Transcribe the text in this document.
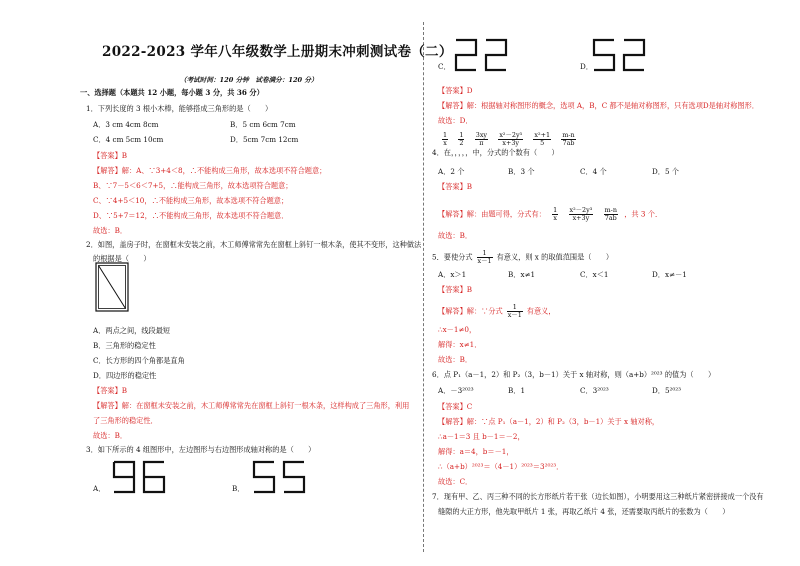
2022-2023 学年八年级数学上册期末冲刺测试卷（二）
（考试时间：120 分钟　试卷满分：120 分）
一、选择题（本题共 12 小题，每小题 3 分，共 36 分）
1．下列长度的 3 根小木棒，能够搭成三角形的是（　　）
A．3 cm 4cm 8cm	B．5 cm 6cm 7cm
C．4 cm 5cm 10cm	D．5cm 7cm 12cm
【答案】B
【解答】解：A、∵3+4＜8，∴不能构成三角形，故本选项不符合题意；
B、∵7－5＜6＜7+5，∴能构成三角形，故本选项符合题意；
C、∵4+5＜10，∴不能构成三角形，故本选项不符合题意；
D、∵5+7＝12，∴不能构成三角形，故本选项不符合题意．
故选：B．
2．如图，盖房子时，在窗框未安装之前，木工师傅常常先在窗框上斜钉一根木条，使其不变形，这种做法
的根据是（　　）
A．两点之间，线段最短
B．三角形的稳定性
C．长方形的四个角都是直角
D．四边形的稳定性
【答案】B
【解答】解：在窗框未安装之前，木工师傅常常先在窗框上斜钉一根木条，这样构成了三角形，利用
了三角形的稳定性．
故选：B．
3．如下所示的 4 组图形中，左边图形与右边图形成轴对称的是（　　）
A．	B．
C．	D．
【答案】D
【解答】解：根据轴对称图形的概念，选项 A，B，C 都不是轴对称图形，只有选项D是轴对称图形．
故选：D．
$\frac{1}{x}$
$\frac{1}{2}$
$\frac{3xy}{\pi}$
$\frac{\text{x²－2y³}}{x+3y}$
$\frac{\text{x²+1}}{5}$
$\frac{m-n}{7ab}$
4．在，，，，，中，分式的个数有（　　）
A．2 个	B．3 个	C．4 个	D．5 个
【答案】B
【解答】解：由题可得，分式有： $\frac{1}{x}$
$\frac{\text{x²－2y³}}{x+3y}$
$\frac{m-n}{7ab}$ ，共 3 个．
故选：B．
5．要使分式 $\frac{1}{x-1}$ 有意义，则 x 的取值范围是（　　）
A．x＞1	B．x≠1	C．x＜1	D．x≠－1
【答案】B
【解答】解：∵分式 $\frac{1}{x-1}$ 有意义，
∴x－1≠0，
解得：x≠1．
故选：B．
6．点 P₁（a－1，2）和 P₂（3，b－1）关于 x 轴对称，则（a+b）²⁰²³ 的值为（　　）
A．－3²⁰²³	B．1	C．3²⁰²³	D．5²⁰²³
【答案】C
【解答】解：∵点 P₁（a－1，2）和 P₂（3，b－1）关于 x 轴对称，
∴a－1＝3 且 b－1＝－2，
解得：a＝4，b＝－1，
∴（a+b）²⁰²³＝（4－1）²⁰²³＝3²⁰²³．
故选：C．
7．现有甲、乙、丙三种不同的长方形纸片若干张（边长如图），小明要用这三种纸片紧密拼接成一个没有
缝隙的大正方形，他先取甲纸片 1 张，再取乙纸片 4 张，还需要取丙纸片的张数为（　　）
